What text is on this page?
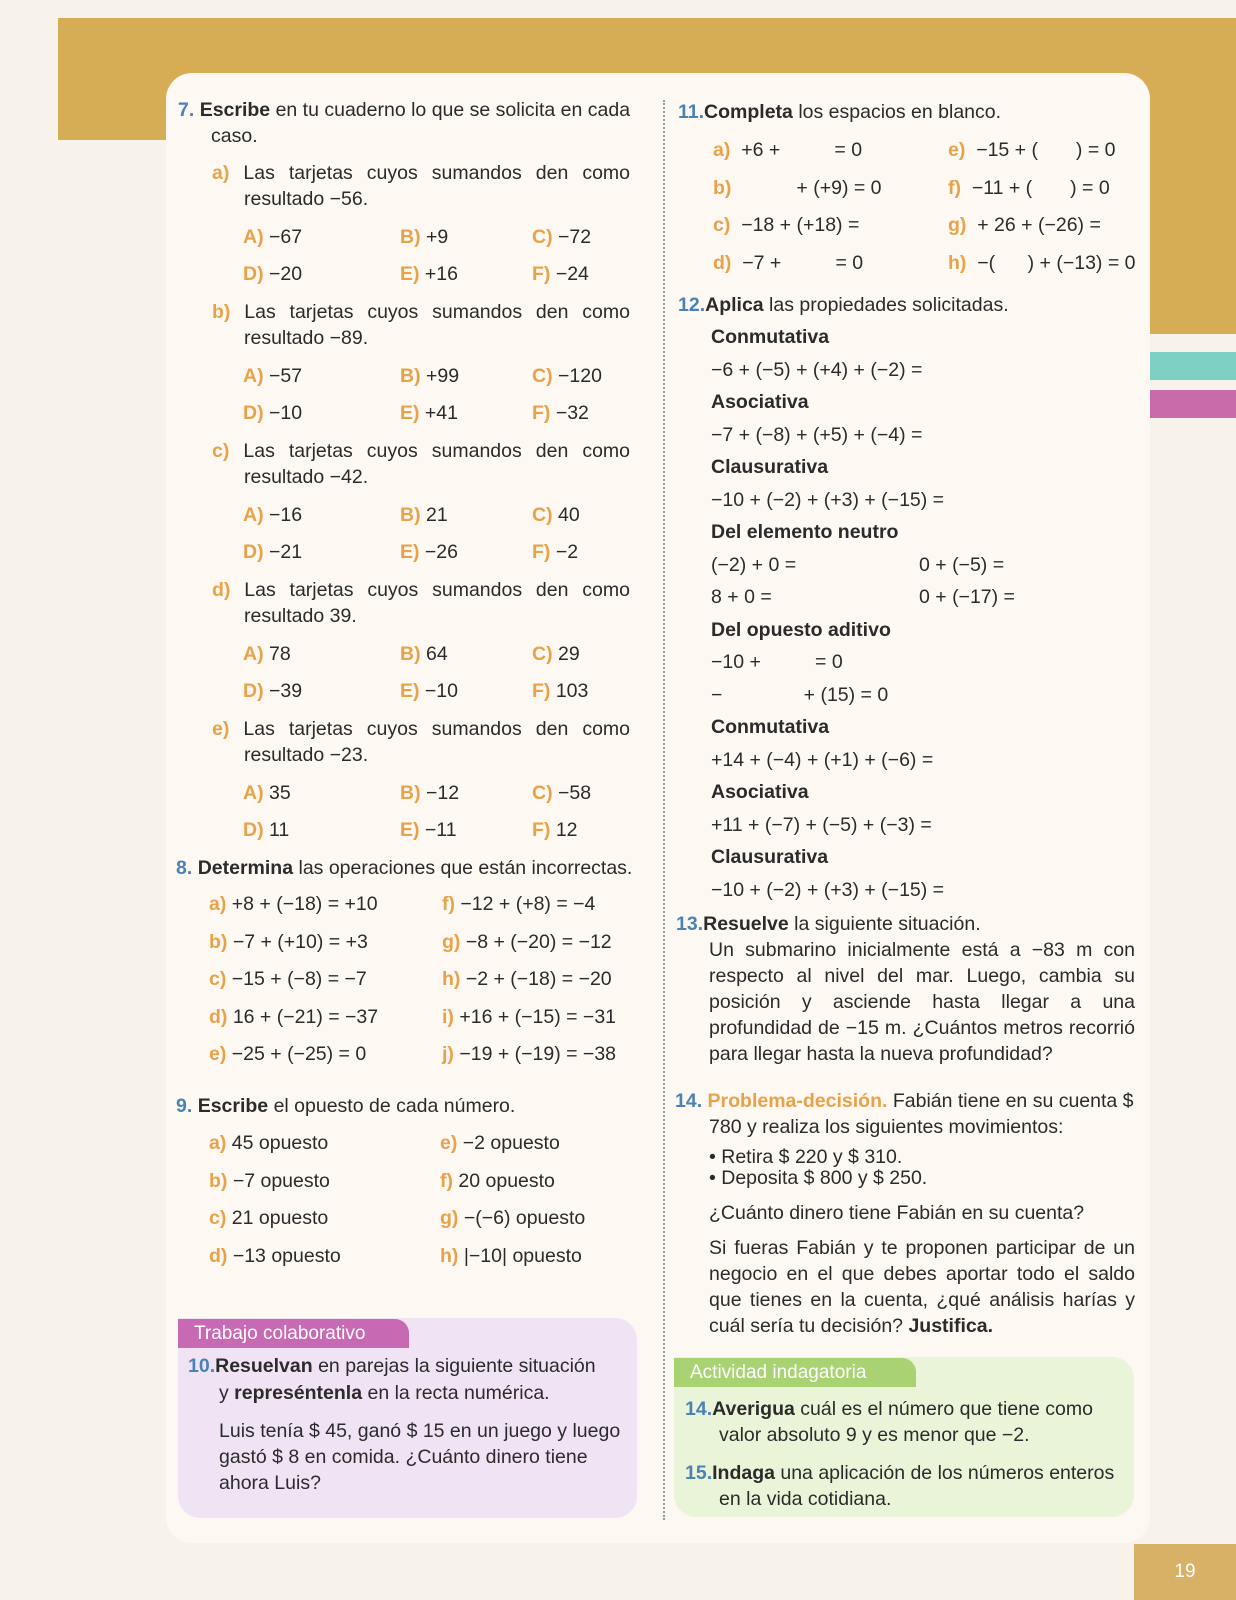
7. Escribe en tu cuaderno lo que se solicita en cada
caso.
a) Las tarjetas cuyos sumandos den como
resultado −56.
A) −67	B) +9	C) −72
D) −20	E) +16	F) −24
b) Las tarjetas cuyos sumandos den como
resultado −89.
A) −57	B) +99	C) −120
D) −10	E) +41	F) −32
c) Las tarjetas cuyos sumandos den como
resultado −42.
A) −16	B) 21	C) 40
D) −21	E) −26	F) −2
d) Las tarjetas cuyos sumandos den como
resultado 39.
A) 78	B) 64	C) 29
D) −39	E) −10	F) 103
e) Las tarjetas cuyos sumandos den como
resultado −23.
A) 35	B) −12	C) −58
D) 11	E) −11	F) 12
8. Determina las operaciones que están incorrectas.
a) +8 + (−18) = +10
b) −7 + (+10) = +3
c) −15 + (−8) = −7
d) 16 + (−21) = −37
e) −25 + (−25) = 0
f) −12 + (+8) = −4
g) −8 + (−20) = −12
h) −2 + (−18) = −20
i) +16 + (−15) = −31
j) −19 + (−19) = −38
9. Escribe el opuesto de cada número.
a) 45 opuesto
b) −7 opuesto
c) 21 opuesto
d) −13 opuesto
e) −2 opuesto
f) 20 opuesto
g) −(−6) opuesto
h) |−10| opuesto
Trabajo colaborativo
10.Resuelvan en parejas la siguiente situación
y represéntenla en la recta numérica.
Luis tenía $ 45, ganó $ 15 en un juego y luego
gastó $ 8 en comida. ¿Cuánto dinero tiene
ahora Luis?
11.Completa los espacios en blanco.
a)  +6 +          = 0
b)            + (+9) = 0
c)  −18 + (+18) =
d)  −7 +          = 0
e)  −15 + (       ) = 0
f)  −11 + (       ) = 0
g)  + 26 + (−26) =
h)  −(      ) + (−13) = 0
12.Aplica las propiedades solicitadas.
Conmutativa
−6 + (−5) + (+4) + (−2) =
Asociativa
−7 + (−8) + (+5) + (−4) =
Clausurativa
−10 + (−2) + (+3) + (−15) =
Del elemento neutro
(−2) + 0 =	0 + (−5) =
8 + 0 =	0 + (−17) =
Del opuesto aditivo
−10 +          = 0
−               + (15) = 0
Conmutativa
+14 + (−4) + (+1) + (−6) =
Asociativa
+11 + (−7) + (−5) + (−3) =
Clausurativa
−10 + (−2) + (+3) + (−15) =
13.Resuelve la siguiente situación.
Un submarino inicialmente está a −83 m con respecto al nivel del mar. Luego, cambia su posición y asciende hasta llegar a una profundidad de −15 m. ¿Cuántos metros recorrió para llegar hasta la nueva profundidad?
14. Problema-decisión. Fabián tiene en su cuenta $
780 y realiza los siguientes movimientos:
• Retira $ 220 y $ 310.
• Deposita $ 800 y $ 250.
¿Cuánto dinero tiene Fabián en su cuenta?
Si fueras Fabián y te proponen participar de un negocio en el que debes aportar todo el saldo que tienes en la cuenta, ¿qué análisis harías y cuál sería tu decisión? Justifica.
Actividad indagatoria
14.Averigua cuál es el número que tiene como
valor absoluto 9 y es menor que −2.
15.Indaga una aplicación de los números enteros
en la vida cotidiana.
19
